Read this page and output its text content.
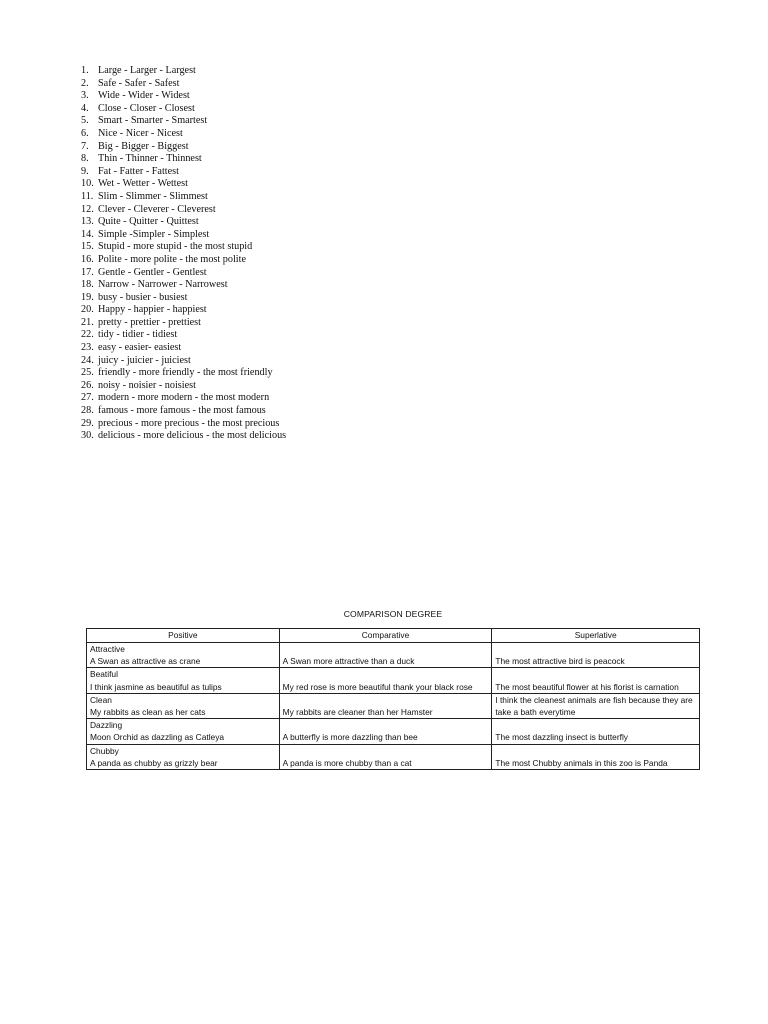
1. Large - Larger - Largest
2. Safe - Safer - Safest
3. Wide - Wider - Widest
4. Close - Closer - Closest
5. Smart - Smarter - Smartest
6. Nice - Nicer - Nicest
7. Big - Bigger - Biggest
8. Thin - Thinner - Thinnest
9. Fat - Fatter - Fattest
10. Wet - Wetter - Wettest
11. Slim - Slimmer - Slimmest
12. Clever - Cleverer - Cleverest
13. Quite - Quitter - Quittest
14. Simple -Simpler - Simplest
15. Stupid - more stupid - the most stupid
16. Polite - more polite - the most polite
17. Gentle - Gentler - Gentlest
18. Narrow - Narrower - Narrowest
19. busy - busier - busiest
20. Happy - happier - happiest
21. pretty - prettier - prettiest
22. tidy - tidier - tidiest
23. easy - easier- easiest
24. juicy - juicier - juiciest
25. friendly - more friendly - the most friendly
26. noisy - noisier - noisiest
27. modern - more modern - the most modern
28. famous - more famous - the most famous
29. precious - more precious - the most precious
30. delicious - more delicious - the most delicious
COMPARISON DEGREE
Positive	Comparative	Superlative

Attractive
A Swan as attractive as crane	A Swan more attractive than a duck	The most attractive bird is peacock

Beatiful
I think jasmine as beautiful as tulips	My red rose is more beautiful thank your black rose	The most beautiful flower at his florist is carnation

Clean
My rabbits as clean as her cats	My rabbits are cleaner than her Hamster	I think the cleanest animals are fish because they are take a bath everytime

Dazzling
Moon Orchid as dazzling as Catleya	A butterfly is more dazzling than bee	The most dazzling insect is butterfly

Chubby
A panda as chubby as grizzly bear	A panda is more chubby than a cat	The most Chubby animals in this zoo is Panda
